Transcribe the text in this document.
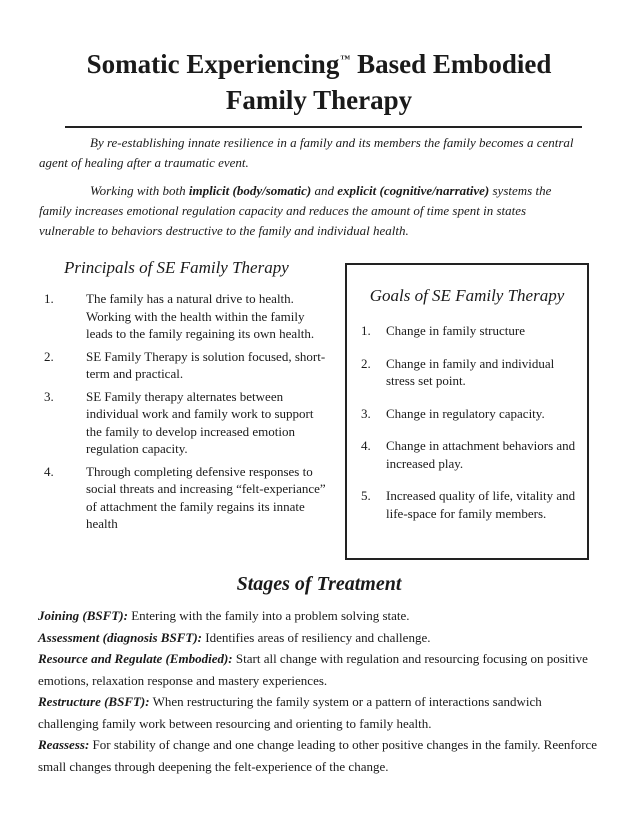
Somatic Experiencing™ Based Embodied
Family Therapy
By re-establishing innate resilience in a family and its members the family becomes a central agent of healing after a traumatic event.
Working with both implicit (body/somatic) and explicit (cognitive/narrative) systems the family increases emotional regulation capacity and reduces the amount of time spent in states vulnerable to behaviors destructive to the family and individual health.
Principals of SE Family Therapy
1.	The family has a natural drive to health. Working with the health within the family leads to the family regaining its own health.
2.	SE Family Therapy is solution focused, short-term and practical.
3.	SE Family therapy alternates between individual work and family work to support the family to develop increased emotion regulation capacity.
4.	Through completing defensive responses to social threats and increasing “felt-experiance” of attachment the family regains its innate health
Goals of SE Family Therapy
1.	Change in family structure
2.	Change in family and individual stress set point.
3.	Change in regulatory capacity.
4.	Change in attachment behaviors and increased play.
5.	Increased quality of life, vitality and life-space for family members.
Stages of Treatment

Joining (BSFT): Entering with the family into a problem solving state.

Assessment (diagnosis BSFT): Identifies areas of resiliency and challenge.

Resource and Regulate (Embodied): Start all change with regulation and resourcing focusing on positive emotions, relaxation response and mastery experiences.

Restructure (BSFT): When restructuring the family system or a pattern of interactions sandwich challenging family work between resourcing and orienting to family health.

Reassess: For stability of change and one change leading to other positive changes in the family. Reenforce small changes through deepening the felt-experience of the change.
